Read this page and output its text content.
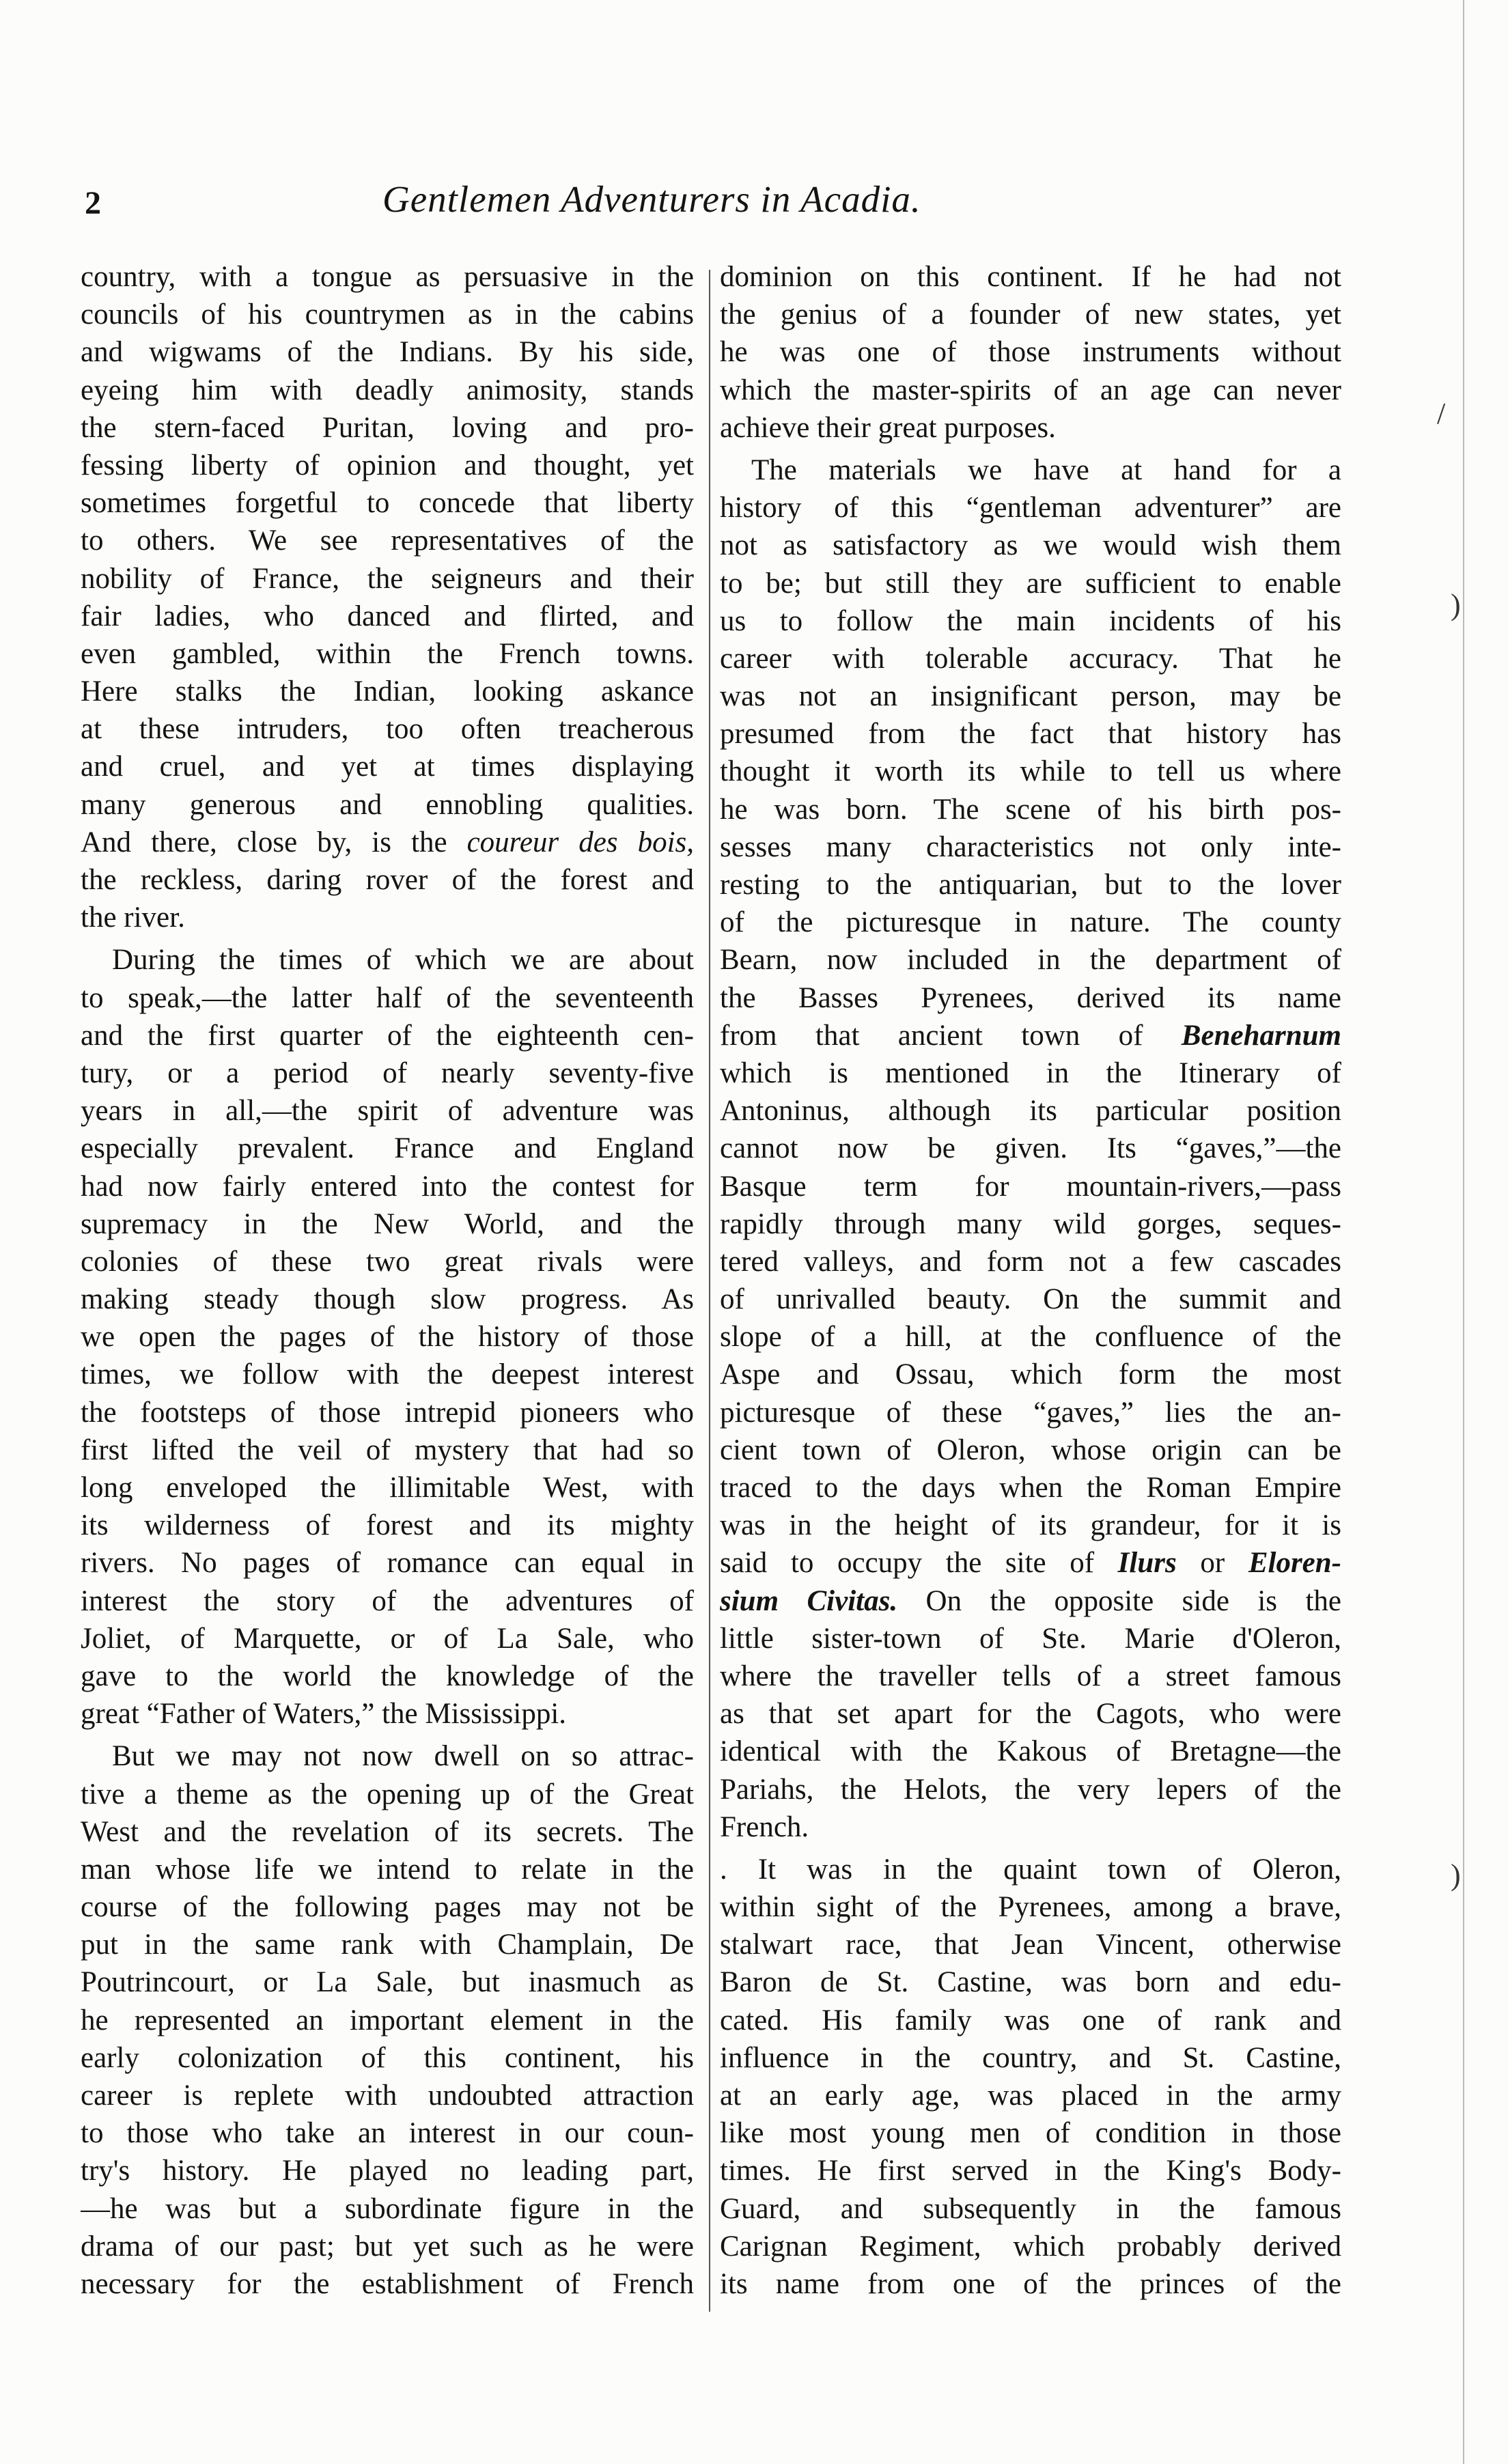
2	Gentlemen Adventurers in Acadia.
country, with a tongue as persuasive in the
councils of his countrymen as in the cabins
and wigwams of the Indians. By his side,
eyeing him with deadly animosity, stands
the stern-faced Puritan, loving and pro-
fessing liberty of opinion and thought, yet
sometimes forgetful to concede that liberty
to others. We see representatives of the
nobility of France, the seigneurs and their
fair ladies, who danced and flirted, and
even gambled, within the French towns.
Here stalks the Indian, looking askance
at these intruders, too often treacherous
and cruel, and yet at times displaying
many generous and ennobling qualities.
And there, close by, is the coureur des bois,
the reckless, daring rover of the forest and
the river.
During the times of which we are about
to speak,—the latter half of the seventeenth
and the first quarter of the eighteenth cen-
tury, or a period of nearly seventy-five
years in all,—the spirit of adventure was
especially prevalent. France and England
had now fairly entered into the contest for
supremacy in the New World, and the
colonies of these two great rivals were
making steady though slow progress. As
we open the pages of the history of those
times, we follow with the deepest interest
the footsteps of those intrepid pioneers who
first lifted the veil of mystery that had so
long enveloped the illimitable West, with
its wilderness of forest and its mighty
rivers. No pages of romance can equal in
interest the story of the adventures of
Joliet, of Marquette, or of La Sale, who
gave to the world the knowledge of the
great “Father of Waters,” the Mississippi.
But we may not now dwell on so attrac-
tive a theme as the opening up of the Great
West and the revelation of its secrets. The
man whose life we intend to relate in the
course of the following pages may not be
put in the same rank with Champlain, De
Poutrincourt, or La Sale, but inasmuch as
he represented an important element in the
early colonization of this continent, his
career is replete with undoubted attraction
to those who take an interest in our coun-
try's history. He played no leading part,
—he was but a subordinate figure in the
drama of our past; but yet such as he were
necessary for the establishment of French
dominion on this continent. If he had not
the genius of a founder of new states, yet
he was one of those instruments without
which the master-spirits of an age can never
achieve their great purposes.
The materials we have at hand for a
history of this “gentleman adventurer” are
not as satisfactory as we would wish them
to be; but still they are sufficient to enable
us to follow the main incidents of his
career with tolerable accuracy. That he
was not an insignificant person, may be
presumed from the fact that history has
thought it worth its while to tell us where
he was born. The scene of his birth pos-
sesses many characteristics not only inte-
resting to the antiquarian, but to the lover
of the picturesque in nature. The county
Bearn, now included in the department of
the Basses Pyrenees, derived its name
from that ancient town of Beneharnum
which is mentioned in the Itinerary of
Antoninus, although its particular position
cannot now be given. Its “gaves,”—the
Basque term for mountain-rivers,—pass
rapidly through many wild gorges, seques-
tered valleys, and form not a few cascades
of unrivalled beauty. On the summit and
slope of a hill, at the confluence of the
Aspe and Ossau, which form the most
picturesque of these “gaves,” lies the an-
cient town of Oleron, whose origin can be
traced to the days when the Roman Empire
was in the height of its grandeur, for it is
said to occupy the site of Ilurs or Eloren-
sium Civitas. On the opposite side is the
little sister-town of Ste. Marie d'Oleron,
where the traveller tells of a street famous
as that set apart for the Cagots, who were
identical with the Kakous of Bretagne—the
Pariahs, the Helots, the very lepers of the
French.
. It was in the quaint town of Oleron,
within sight of the Pyrenees, among a brave,
stalwart race, that Jean Vincent, otherwise
Baron de St. Castine, was born and edu-
cated. His family was one of rank and
influence in the country, and St. Castine,
at an early age, was placed in the army
like most young men of condition in those
times. He first served in the King's Body-
Guard, and subsequently in the famous
Carignan Regiment, which probably derived
its name from one of the princes of the
/
)
)
